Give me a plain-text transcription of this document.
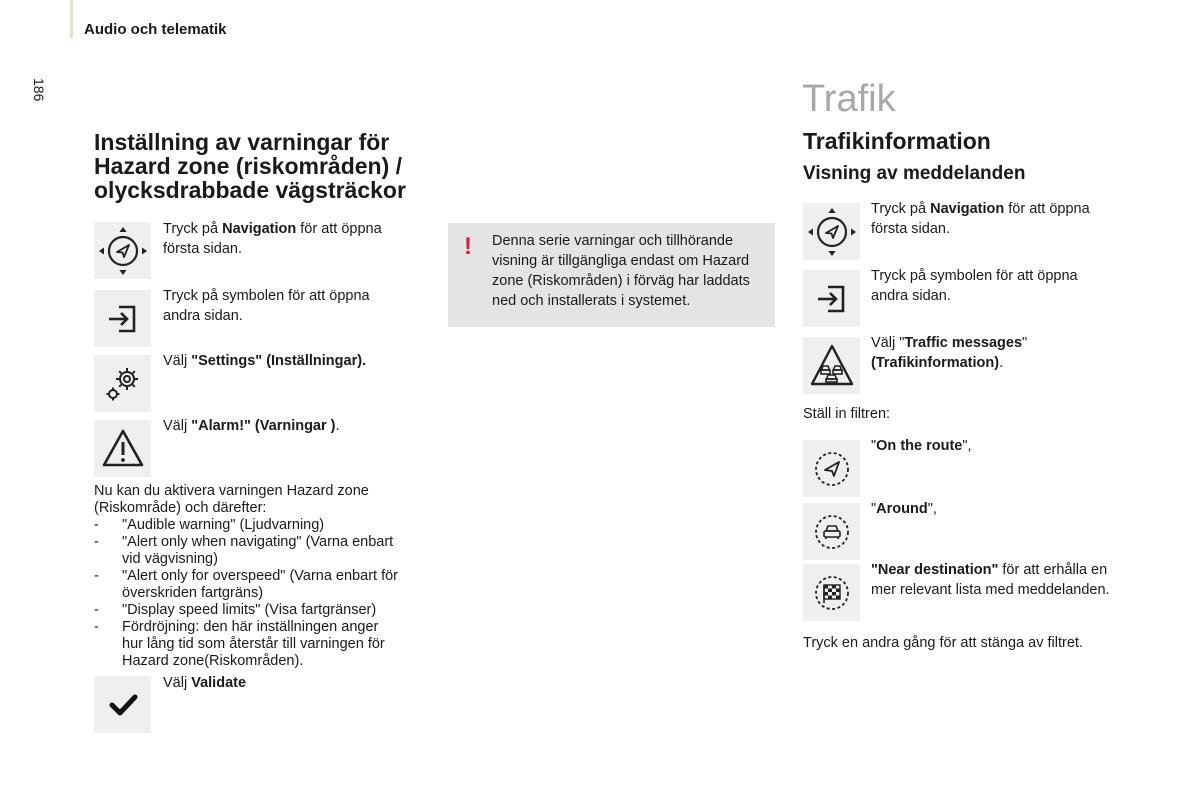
Audio och telematik
186
Inställning av varningar för
Hazard zone (riskområden) /
olycksdrabbade vägsträckor
Tryck på Navigation för att öppna
första sidan.
Tryck på symbolen för att öppna
andra sidan.
Välj "Settings" (Inställningar).
Välj "Alarm!" (Varningar ).
Nu kan du aktivera varningen Hazard zone
(Riskområde) och därefter:
-	"Audible warning" (Ljudvarning)
-	"Alert only when navigating" (Varna enbart
vid vägvisning)
-	"Alert only for overspeed" (Varna enbart för
överskriden fartgräns)
-	"Display speed limits" (Visa fartgränser)
-	Fördröjning: den här inställningen anger
hur lång tid som återstår till varningen för
Hazard zone(Riskområden).
Välj Validate
! Denna serie varningar och tillhörande
visning är tillgängliga endast om Hazard
zone (Riskområden) i förväg har laddats
ned och installerats i systemet.
Trafik
Trafikinformation
Visning av meddelanden
Tryck på Navigation för att öppna
första sidan.
Tryck på symbolen för att öppna
andra sidan.
Välj "Traffic messages"
(Trafikinformation).
Ställ in filtren:
"On the route",
"Around",
"Near destination" för att erhålla en
mer relevant lista med meddelanden.
Tryck en andra gång för att stänga av filtret.
